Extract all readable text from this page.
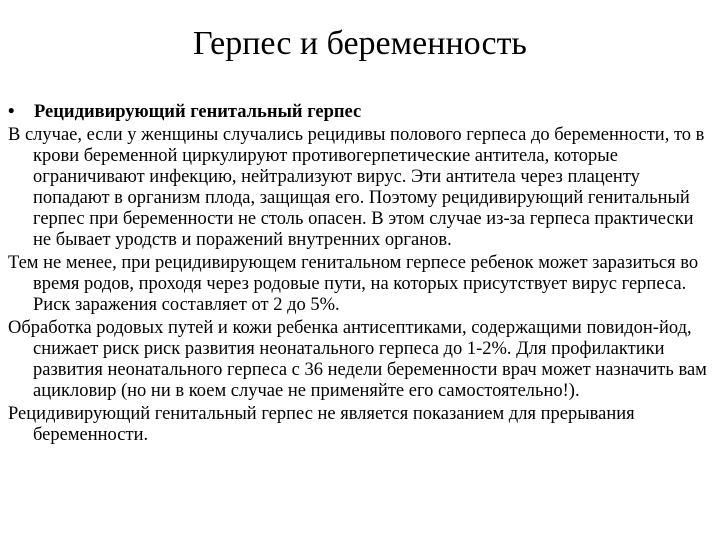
Герпес и беременность
•	Рецидивирующий генитальный герпес

В случае, если у женщины случались рецидивы полового герпеса до беременности, то в крови беременной циркулируют противогерпетические антитела, которые ограничивают инфекцию, нейтрализуют вирус. Эти антитела через плаценту попадают в организм плода, защищая его. Поэтому рецидивирующий генитальный герпес при беременности не столь опасен. В этом случае из-за герпеса практически не бывает уродств и поражений внутренних органов.

Тем не менее, при рецидивирующем генитальном герпесе ребенок может заразиться во время родов, проходя через родовые пути, на которых присутствует вирус герпеса. Риск заражения составляет от 2 до 5%.

Обработка родовых путей и кожи ребенка антисептиками, содержащими повидон-йод, снижает риск риск развития неонатального герпеса до 1-2%. Для профилактики развития неонатального герпеса с 36 недели беременности врач может назначить вам ацикловир (но ни в коем случае не применяйте его самостоятельно!).

Рецидивирующий генитальный герпес не является показанием для прерывания беременности.
